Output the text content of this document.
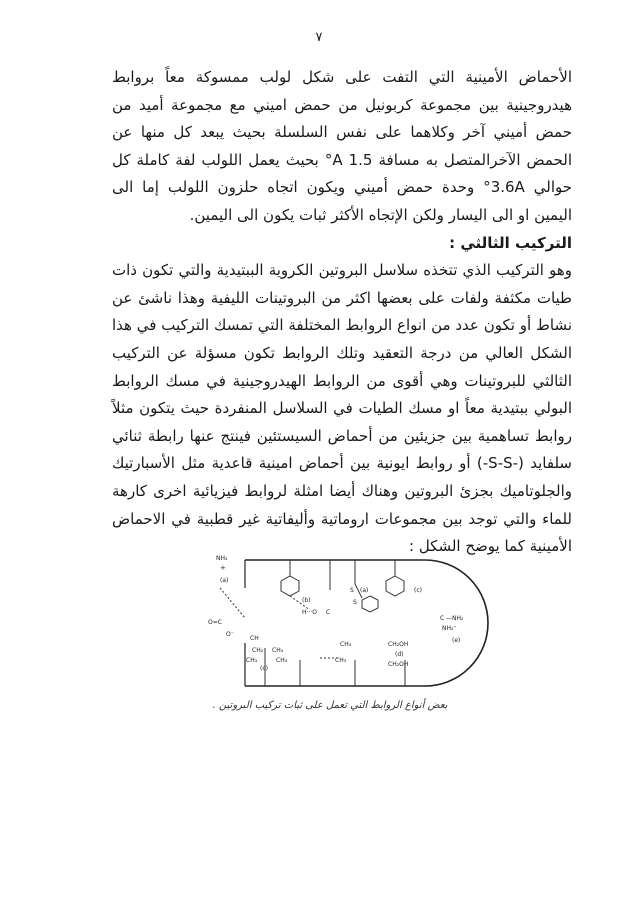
٧

الأحماض الأمينية التي التفت على شكل لولب ممسوكة معاً بروابط هيدروجينية بين مجموعة كربونيل من حمض اميني مع مجموعة أميد من حمض أميني آخر وكلاهما على نفس السلسلة بحيث يبعد كل منها عن الحمض الآخرالمتصل به مسافة 1.5 A° بحيث يعمل اللولب لفة كاملة كل حوالي 3.6A° وحدة حمض أميني ويكون اتجاه حلزون اللولب إما الى اليمين او الى اليسار ولكن الإتجاه الأكثر ثبات يكون الى اليمين.

التركيب الثالثي :

وهو التركيب الذي تتخذه سلاسل البروتين الكروية الببتيدية والتي تكون ذات طيات مكثفة ولفات على بعضها اكثر من البروتينات الليفية وهذا ناشئ عن نشاط أو تكون عدد من انواع الروابط المختلفة التي تمسك التركيب في هذا الشكل العالي من درجة التعقيد وتلك الروابط تكون مسؤلة عن التركيب الثالثي للبروتينات وهي أقوى من الروابط الهيدروجينية في مسك الروابط البولي ببتيدية معاً او مسك الطيات في السلاسل المنفردة حيث يتكون مثلاً روابط تساهمية بين جزيئين من أحماض السيستئين فينتج عنها رابطة ثنائي سلفايد (-S-S-) أو روابط ايونية بين أحماض امينية قاعدية مثل الأسبارتيك والجلوتاميك بجزئ البروتين وهناك أيضا امثلة لروابط فيزيائية اخرى كارهة للماء والتي توجد بين مجموعات اروماتية وأليفاتية غير قطبية في الاحماض الأمينية كما يوضح الشكل :

NH₃
+
(a)
(b)
H···O C
(c)
S
S
(a)
O=C
O⁻
CH
CH₂
CH₃
CH₃
CH₃
(c)
CH₃
CH₃
CH₂OH
(d)
CH₂OH
C —NH₂
NH₂⁺
(e)
بعض أنواع الروابط التي تعمل على ثبات تركيب البروتين .
